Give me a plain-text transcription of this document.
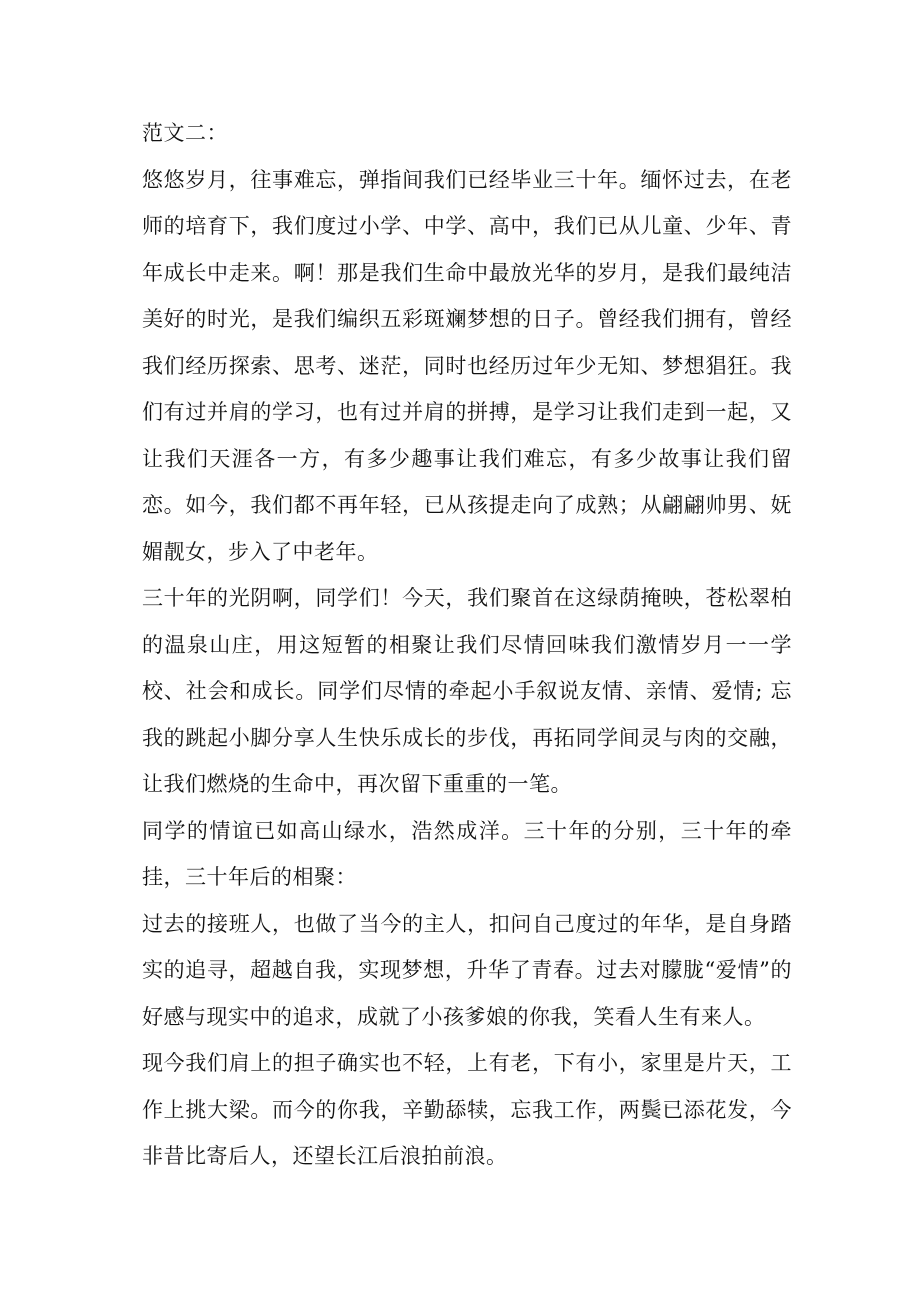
范文二：

悠悠岁月，往事难忘，弹指间我们已经毕业三十年。缅怀过去，在老师的培育下，我们度过小学、中学、高中，我们已从儿童、少年、青年成长中走来。啊！那是我们生命中最放光华的岁月，是我们最纯洁美好的时光，是我们编织五彩斑斓梦想的日子。曾经我们拥有，曾经我们经历探索、思考、迷茫，同时也经历过年少无知、梦想猖狂。我们有过并肩的学习，也有过并肩的拼搏，是学习让我们走到一起，又让我们天涯各一方，有多少趣事让我们难忘，有多少故事让我们留恋。如今，我们都不再年轻，已从孩提走向了成熟；从翩翩帅男、妩媚靓女，步入了中老年。

三十年的光阴啊，同学们！今天，我们聚首在这绿荫掩映，苍松翠柏的温泉山庄，用这短暂的相聚让我们尽情回味我们激情岁月一一学校、社会和成长。同学们尽情的牵起小手叙说友情、亲情、爱情; 忘我的跳起小脚分享人生快乐成长的步伐，再拓同学间灵与肉的交融，让我们燃烧的生命中，再次留下重重的一笔。

同学的情谊已如高山绿水，浩然成洋。三十年的分别，三十年的牵挂，三十年后的相聚：

过去的接班人，也做了当今的主人，扣问自己度过的年华，是自身踏实的追寻，超越自我，实现梦想，升华了青春。过去对朦胧“爱情”的好感与现实中的追求，成就了小孩爹娘的你我，笑看人生有来人。

现今我们肩上的担子确实也不轻，上有老，下有小，家里是片天，工作上挑大梁。而今的你我，辛勤舔犊，忘我工作，两鬓已添花发，今非昔比寄后人，还望长江后浪拍前浪。
